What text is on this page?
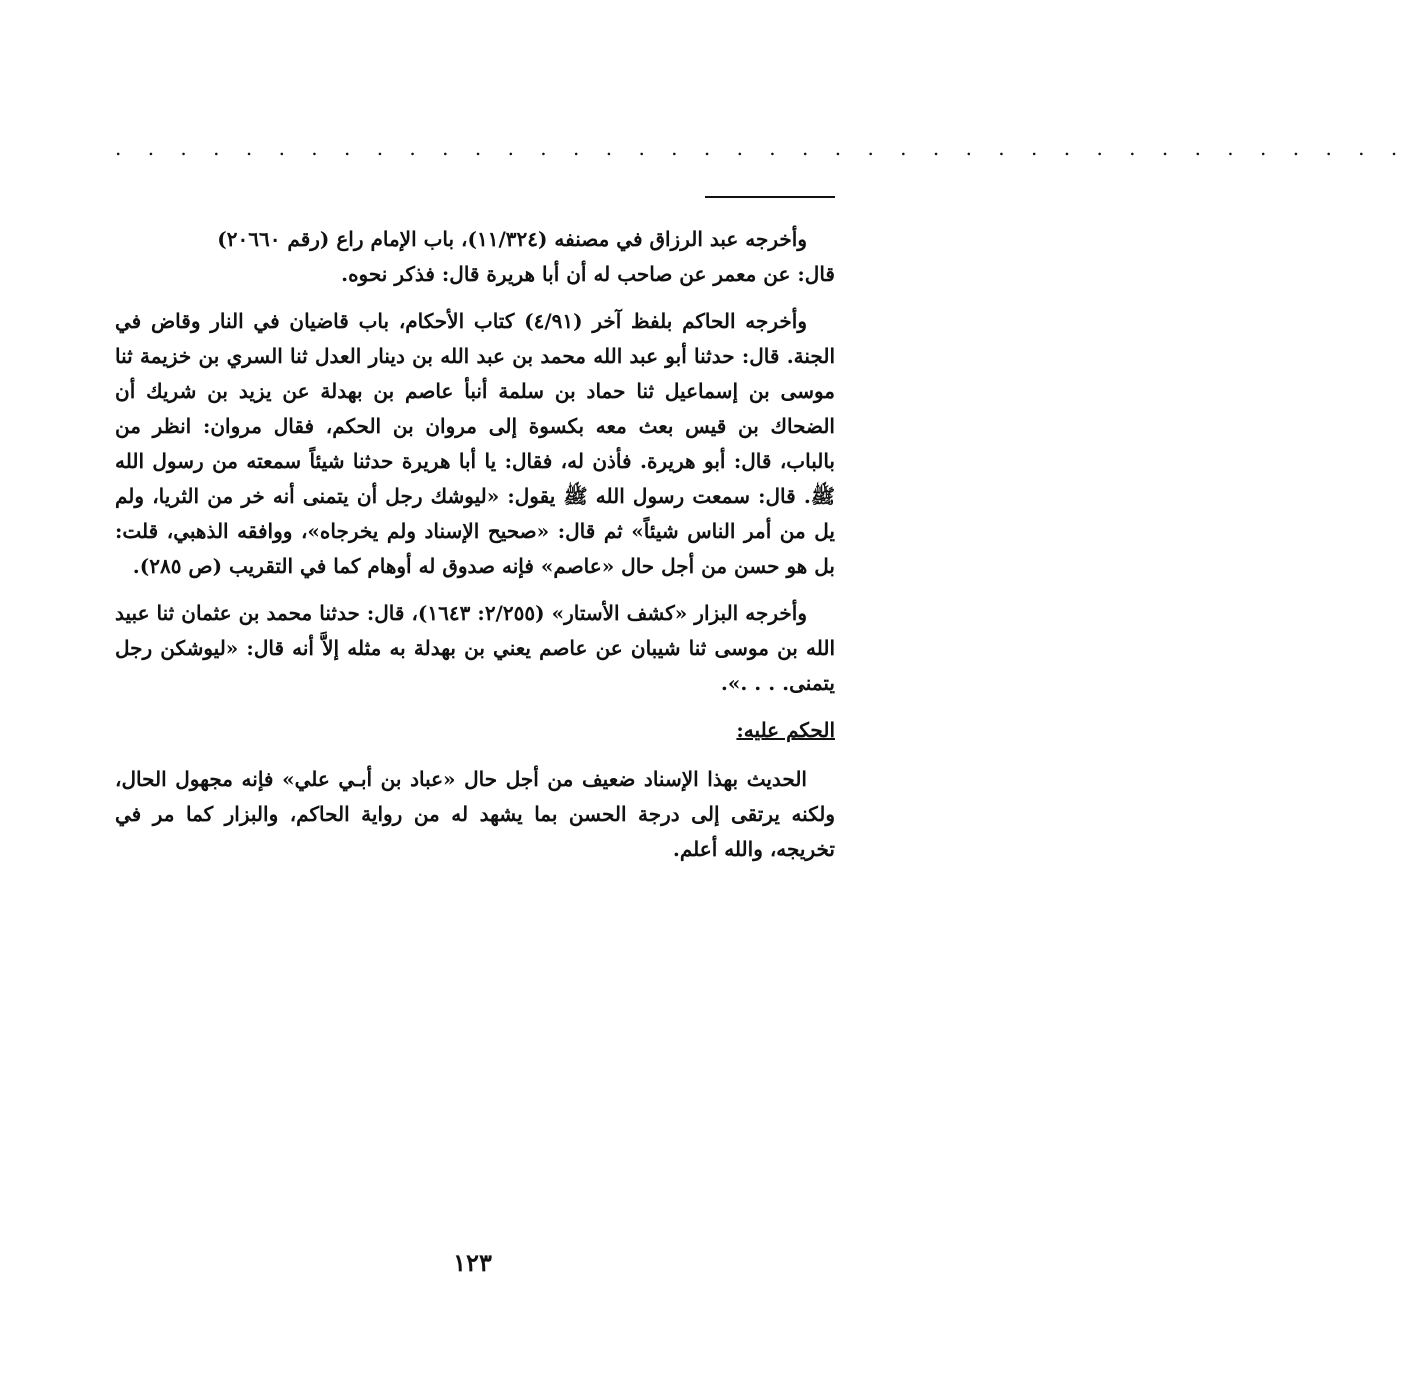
. . . . . . . . . . . . . . . . . . . . . . . . . . . . . . . . . . . . . . . .

وأخرجه عبد الرزاق في مصنفه (١١/٣٢٤)، باب الإمام راع (رقم ٢٠٦٦٠)

قال: عن معمر عن صاحب له أن أبا هريرة قال: فذكر نحوه.

وأخرجه الحاكم بلفظ آخر (٤/٩١) كتاب الأحكام، باب قاضيان في النار وقاض في الجنة. قال: حدثنا أبو عبد الله محمد بن عبد الله بن دينار العدل ثنا السري بن خزيمة ثنا موسى بن إسماعيل ثنا حماد بن سلمة أنبأ عاصم بن بهدلة عن يزيد بن شريك أن الضحاك بن قيس بعث معه بكسوة إلى مروان بن الحكم، فقال مروان: انظر من بالباب، قال: أبو هريرة. فأذن له، فقال: يا أبا هريرة حدثنا شيئاً سمعته من رسول الله ﷺ. قال: سمعت رسول الله ﷺ يقول: «ليوشك رجل أن يتمنى أنه خر من الثريا، ولم يل من أمر الناس شيئاً» ثم قال: «صحيح الإسناد ولم يخرجاه»، ووافقه الذهبي، قلت: بل هو حسن من أجل حال «عاصم» فإنه صدوق له أوهام كما في التقريب (ص ٢٨٥).

وأخرجه البزار «كشف الأستار» (٢/٢٥٥: ١٦٤٣)، قال: حدثنا محمد بن عثمان ثنا عبيد الله بن موسى ثنا شيبان عن عاصم يعني بن بهدلة به مثله إلاَّ أنه قال: «ليوشكن رجل يتمنى. . . .».

الحكم عليه:

الحديث بهذا الإسناد ضعيف من أجل حال «عباد بن أبـي علي» فإنه مجهول الحال، ولكنه يرتقى إلى درجة الحسن بما يشهد له من رواية الحاكم، والبزار كما مر في تخريجه، والله أعلم.

١٢٣
